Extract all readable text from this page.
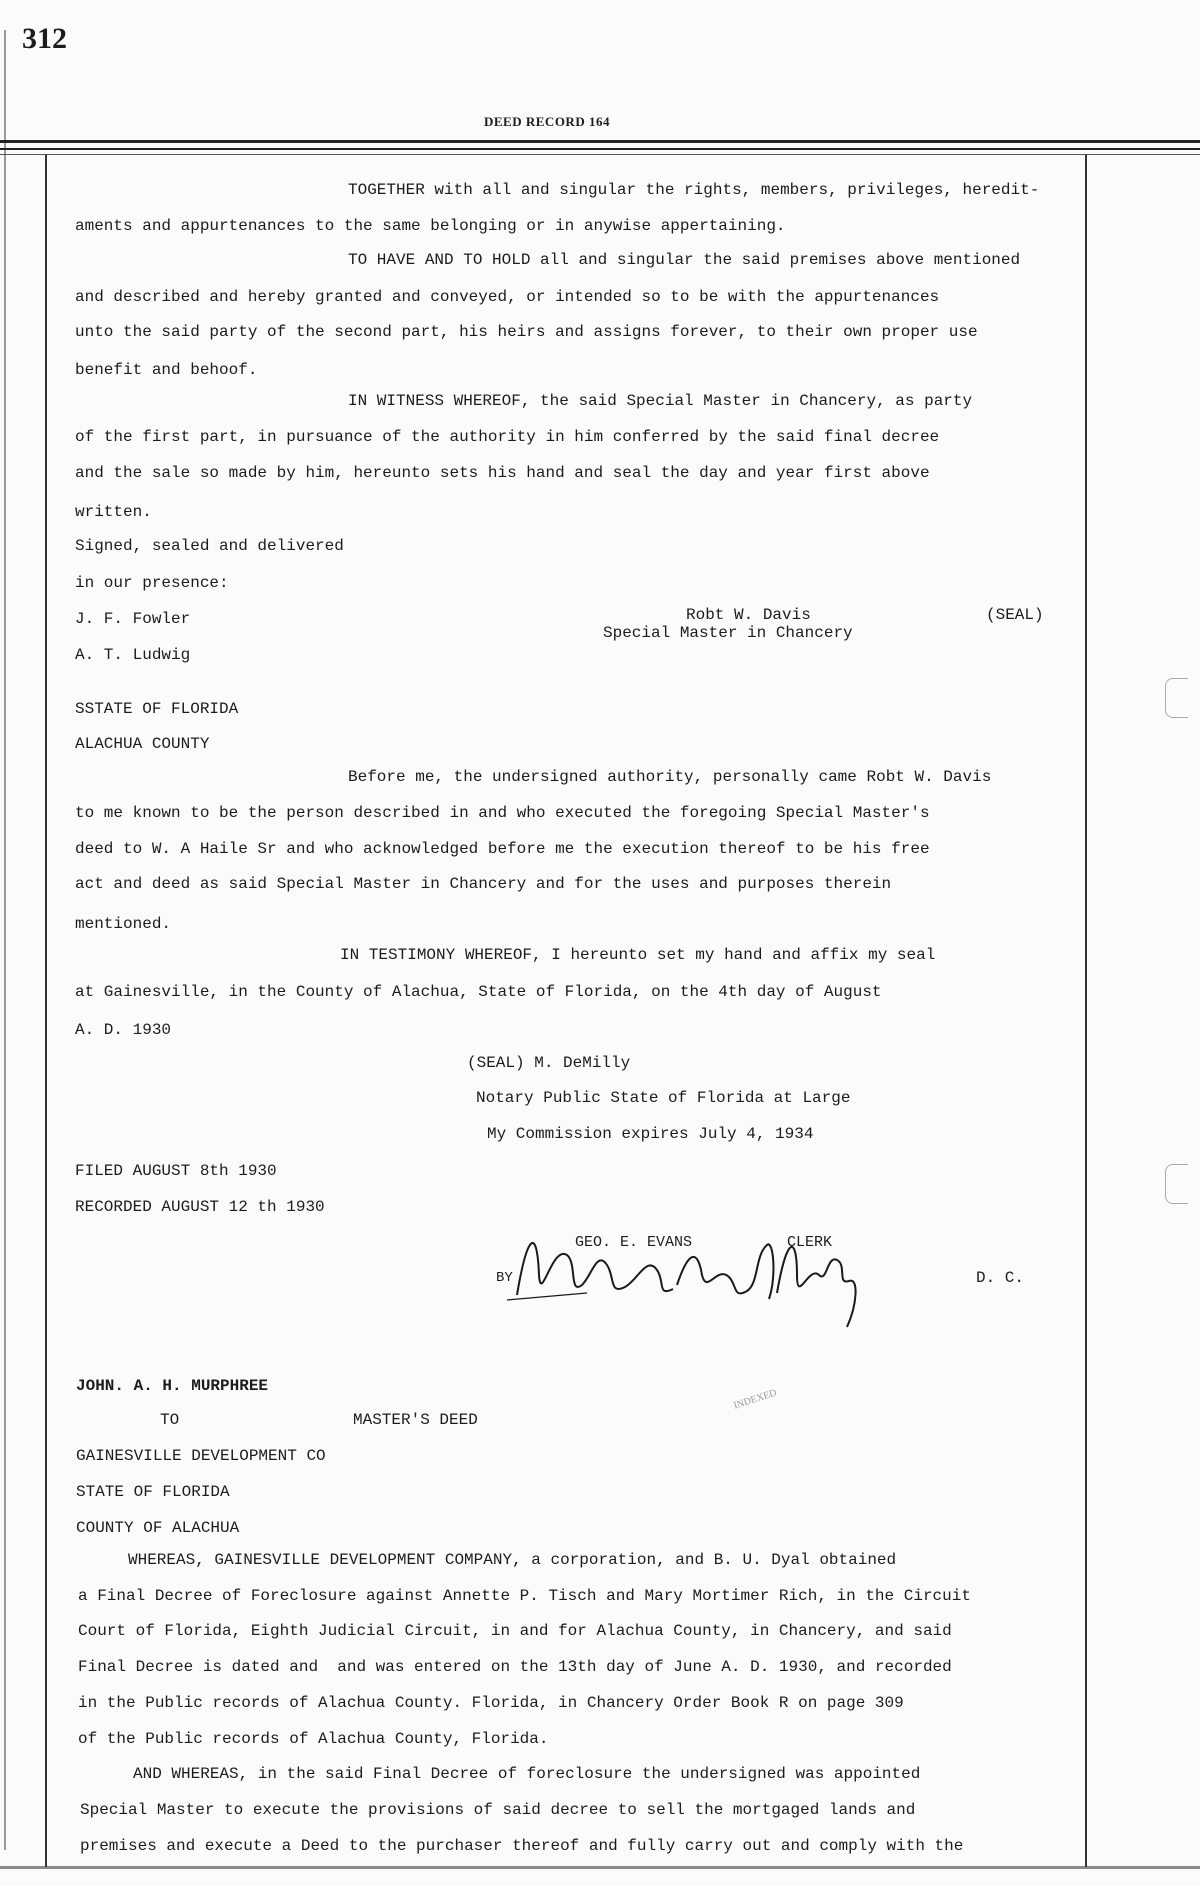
312
DEED RECORD 164
TOGETHER with all and singular the rights, members, privileges, heredit-
aments and appurtenances to the same belonging or in anywise appertaining.
TO HAVE AND TO HOLD all and singular the said premises above mentioned
and described and hereby granted and conveyed, or intended so to be with the appurtenances
unto the said party of the second part, his heirs and assigns forever, to their own proper use
benefit and behoof.
IN WITNESS WHEREOF, the said Special Master in Chancery, as party
of the first part, in pursuance of the authority in him conferred by the said final decree
and the sale so made by him, hereunto sets his hand and seal the day and year first above
written.
Signed, sealed and delivered
in our presence:
J. F. Fowler
A. T. Ludwig
Robt W. Davis
Special Master in Chancery
(SEAL)
SSTATE OF FLORIDA
ALACHUA COUNTY
Before me, the undersigned authority, personally came Robt W. Davis
to me known to be the person described in and who executed the foregoing Special Master's
deed to W. A Haile Sr and who acknowledged before me the execution thereof to be his free
act and deed as said Special Master in Chancery and for the uses and purposes therein
mentioned.
IN TESTIMONY WHEREOF, I hereunto set my hand and affix my seal
at Gainesville, in the County of Alachua, State of Florida, on the 4th day of August
A. D. 1930
(SEAL) M. DeMilly
Notary Public State of Florida at Large
My Commission expires July 4, 1934
FILED AUGUST 8th 1930
RECORDED AUGUST 12 th 1930
GEO. E. EVANS	CLERK
BY	D. C.
JOHN. A. H. MURPHREE
TO	MASTER'S DEED
GAINESVILLE DEVELOPMENT CO
STATE OF FLORIDA
COUNTY OF ALACHUA
INDEXED
WHEREAS, GAINESVILLE DEVELOPMENT COMPANY, a corporation, and B. U. Dyal obtained
a Final Decree of Foreclosure against Annette P. Tisch and Mary Mortimer Rich, in the Circuit
Court of Florida, Eighth Judicial Circuit, in and for Alachua County, in Chancery, and said
Final Decree is dated and  and was entered on the 13th day of June A. D. 1930, and recorded
in the Public records of Alachua County. Florida, in Chancery Order Book R on page 309
of the Public records of Alachua County, Florida.
AND WHEREAS, in the said Final Decree of foreclosure the undersigned was appointed
Special Master to execute the provisions of said decree to sell the mortgaged lands and
premises and execute a Deed to the purchaser thereof and fully carry out and comply with the
